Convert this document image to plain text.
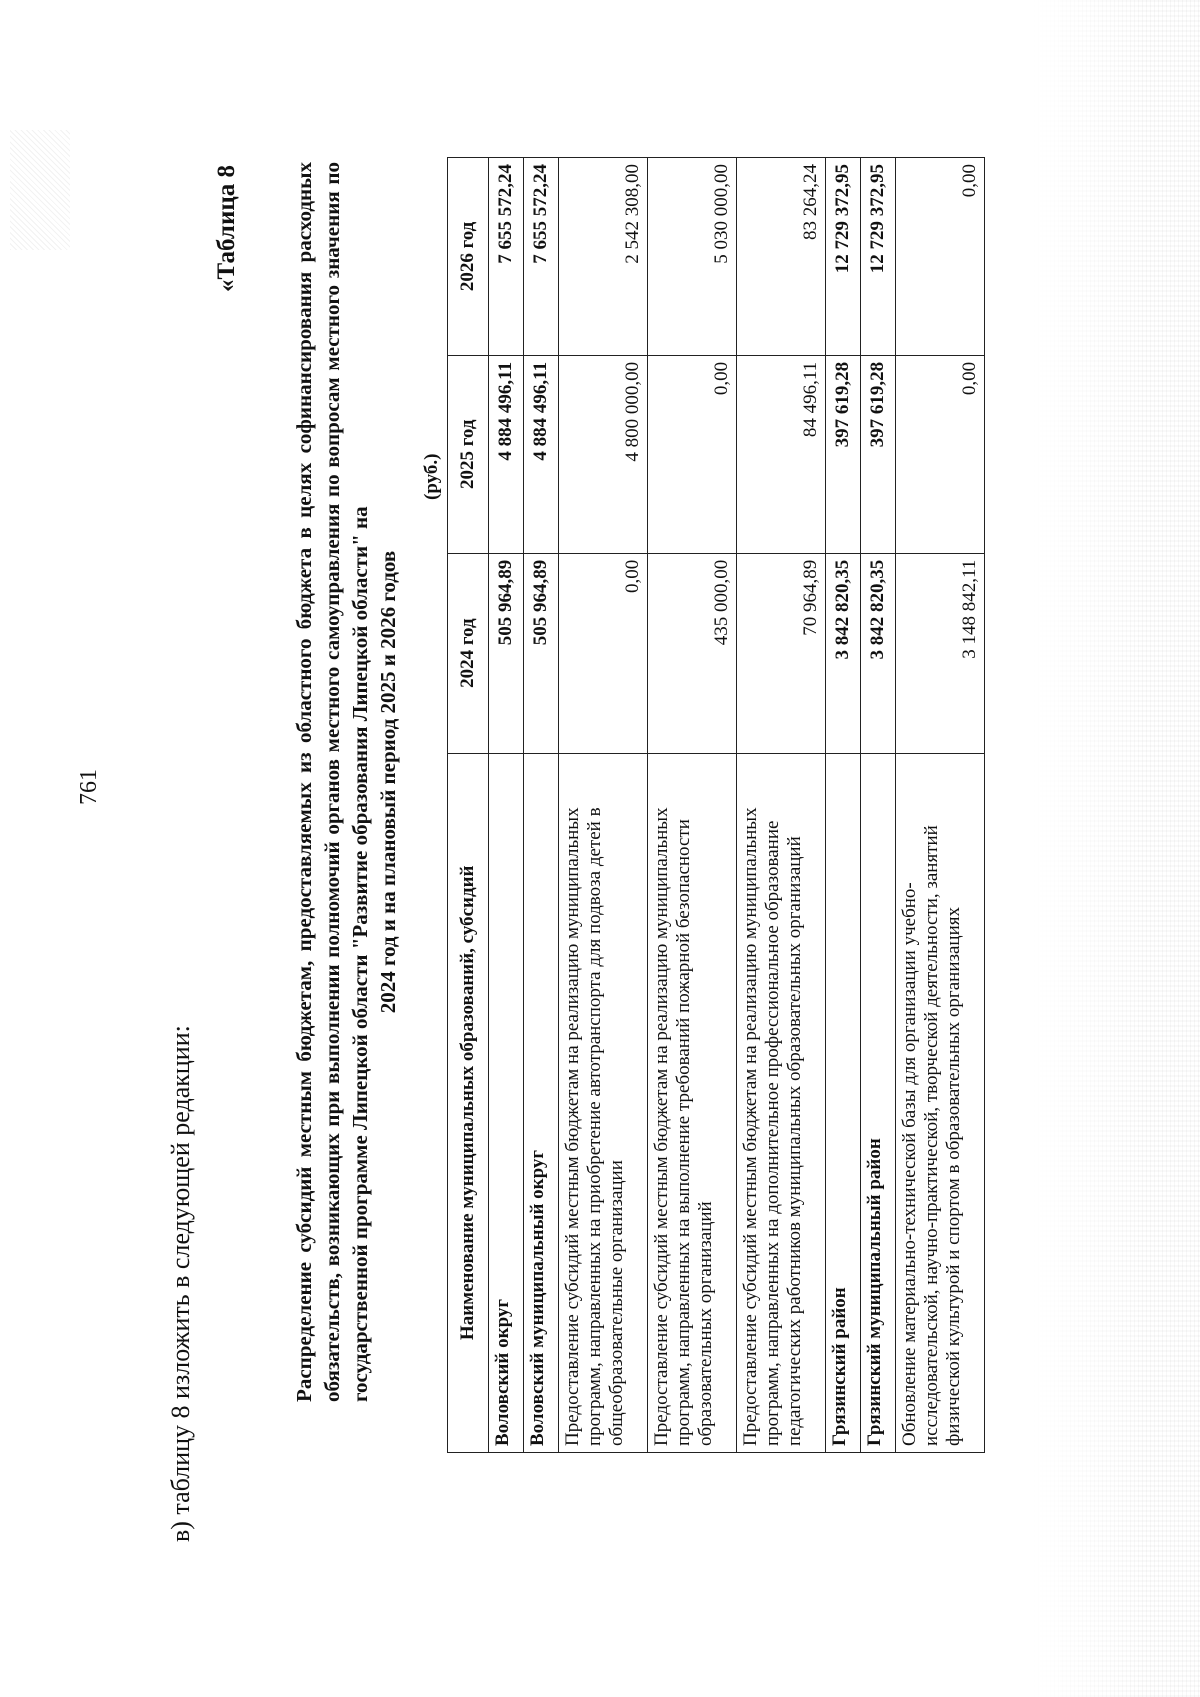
761
в) таблицу 8 изложить в следующей редакции:
«Таблица 8 Распределение субсидий местным бюджетам, предоставляемых из областного бюджета в целях софинансирования расходных обязательств, возникающих при выполнении полномочий органов местного самоуправления по вопросам местного значения по государственной программе Липецкой области "Развитие образования Липецкой области" на 2024 год и на плановый период 2025 и 2026 годов
(руб.)
Наименование муниципальных образований, субсидий	2024 год	2025 год	2026 год
Воловский округ	505 964,89	4 884 496,11	7 655 572,24
Воловский муниципальный округ	505 964,89	4 884 496,11	7 655 572,24
Предоставление субсидий местным бюджетам на реализацию муниципальных программ, направленных на приобретение автотранспорта для подвоза детей в общеобразовательные организации	0,00	4 800 000,00	2 542 308,00
Предоставление субсидий местным бюджетам на реализацию муниципальных программ, направленных на выполнение требований пожарной безопасности образовательных организаций	435 000,00	0,00	5 030 000,00
Предоставление субсидий местным бюджетам на реализацию муниципальных программ, направленных на дополнительное профессиональное образование педагогических работников муниципальных образовательных организаций	70 964,89	84 496,11	83 264,24
Грязинский район	3 842 820,35	397 619,28	12 729 372,95
Грязинский муниципальный район	3 842 820,35	397 619,28	12 729 372,95
Обновление материально-технической базы для организации учебно-исследовательской, научно-практической, творческой деятельности, занятий физической культурой и спортом в образовательных организациях	3 148 842,11	0,00	0,00
